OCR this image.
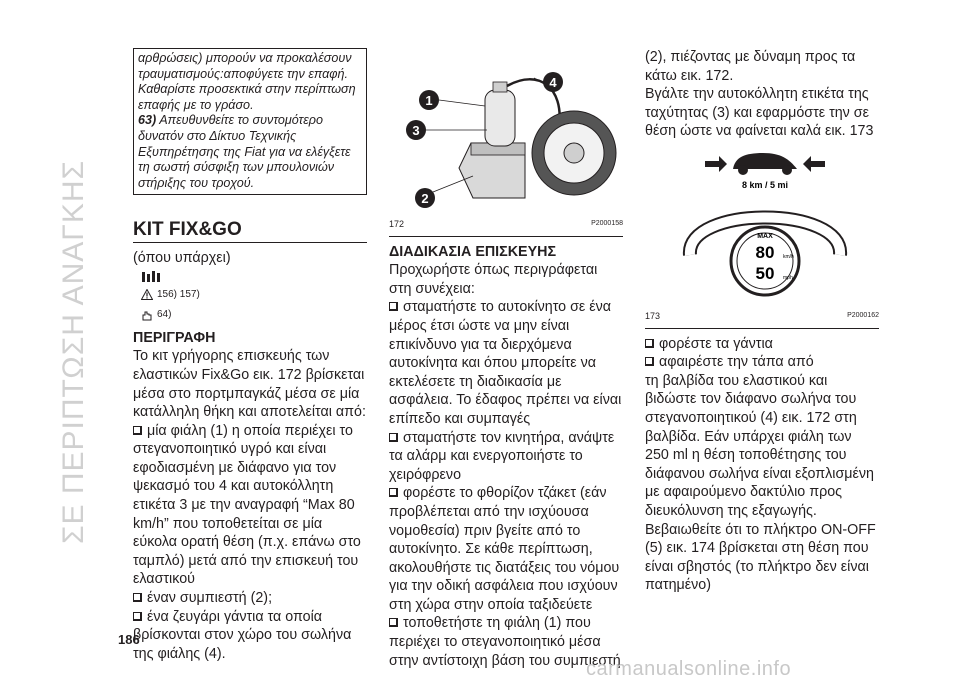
ΣΕ ΠΕΡΙΠΤΩΣΗ ΑΝΑΓΚΗΣ
186
αρθρώσεις) μπορούν να προκαλέσουν τραυματισμούς:αποφύγετε την επαφή. Καθαρίστε προσεκτικά στην περίπτωση επαφής με το γράσο.
63) Απευθυνθείτε το συντομότερο δυνατόν στο Δίκτυο Τεχνικής Εξυπηρέτησης της Fiat για να ελέγξετε τη σωστή σύσφιξη των μπουλονιών στήριξης του τροχού.
KIT FIX&GO

(όπου υπάρχει)

156) 157)
64)
ΠΕΡΙΓΡΑΦΗ

Το κιτ γρήγορης επισκευής των ελαστικών Fix&Go εικ. 172 βρίσκεται μέσα στο πορτμπαγκάζ μέσα σε μία κατάλληλη θήκη και αποτελείται από:

μία φιάλη (1) η οποία περιέχει το στεγανοποιητικό υγρό και είναι εφοδιασμένη με διάφανο για τον ψεκασμό του 4 και αυτοκόλλητη ετικέτα 3 με την αναγραφή “Max 80 km/h” που τοποθετείται σε μία εύκολα ορατή θέση (π.χ. επάνω στο ταμπλό) μετά από την επισκευή του ελαστικού

έναν συμπιεστή (2);

ένα ζευγάρι γάντια τα οποία βρίσκονται στον χώρο του σωλήνα της φιάλης (4).

1
3
2
4
172	P2000158
ΔΙΑΔΙΚΑΣΙΑ ΕΠΙΣΚΕΥΗΣ

Προχωρήστε όπως περιγράφεται στη συνέχεια:

σταματήστε το αυτοκίνητο σε ένα μέρος έτσι ώστε να μην είναι επικίνδυνο για τα διερχόμενα αυτοκίνητα και όπου μπορείτε να εκτελέσετε τη διαδικασία με ασφάλεια. Το έδαφος πρέπει να είναι επίπεδο και συμπαγές

σταματήστε τον κινητήρα, ανάψτε τα αλάρμ και ενεργοποιήστε το χειρόφρενο

φορέστε το φθορίζον τζάκετ (εάν προβλέπεται από την ισχύουσα νομοθεσία) πριν βγείτε από το αυτοκίνητο. Σε κάθε περίπτωση, ακολουθήστε τις διατάξεις του νόμου για την οδική ασφάλεια που ισχύουν στη χώρα στην οποία ταξιδεύετε

τοποθετήστε τη φιάλη (1) που περιέχει το στεγανοποιητικό μέσα στην αντίστοιχη βάση του συμπιεστή

(2), πιέζοντας με δύναμη προς τα κάτω εικ. 172.

Βγάλτε την αυτοκόλλητη ετικέτα της ταχύτητας (3) και εφαρμόστε την σε θέση ώστε να φαίνεται καλά εικ. 173

8 km / 5 mi
MAX
80 km/h
50 mph
173	P2000162

φορέστε τα γάντια

αφαιρέστε την τάπα από

τη βαλβίδα του ελαστικού και βιδώστε τον διάφανο σωλήνα του στεγανοποιητικού (4) εικ. 172 στη βαλβίδα. Εάν υπάρχει φιάλη των 250 ml η θέση τοποθέτησης του διάφανου σωλήνα είναι εξοπλισμένη με αφαιρούμενο δακτύλιο προς διευκόλυνση της εξαγωγής.

Βεβαιωθείτε ότι το πλήκτρο ON-OFF (5) εικ. 174 βρίσκεται στη θέση που είναι σβηστός (το πλήκτρο δεν είναι πατημένο)

carmanualsonline.info
